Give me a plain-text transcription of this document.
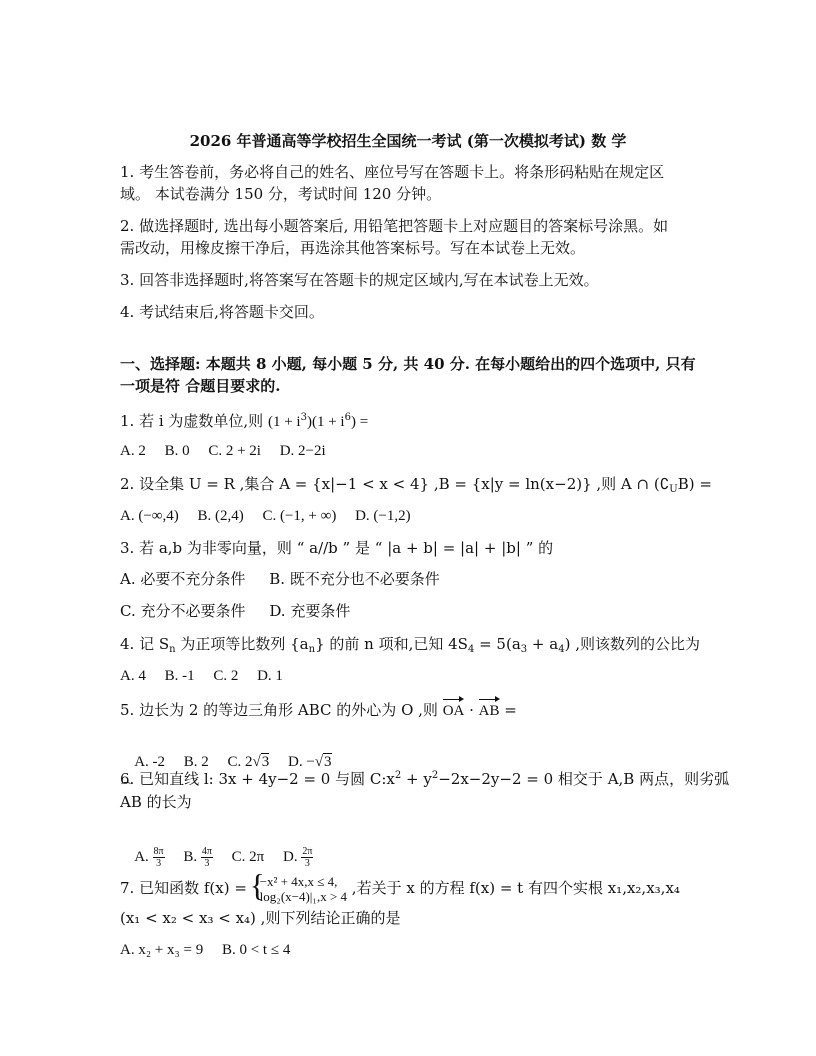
2026 年普通高等学校招生全国统一考试 (第一次模拟考试) 数 学
1. 考生答卷前，务必将自己的姓名、座位号写在答题卡上。将条形码粘贴在规定区
域。 本试卷满分 150 分，考试时间 120 分钟。
2. 做选择题时, 选出每小题答案后, 用铅笔把答题卡上对应题目的答案标号涂黑。如
需改动，用橡皮擦干净后，再选涂其他答案标号。写在本试卷上无效。
3. 回答非选择题时,将答案写在答题卡的规定区域内,写在本试卷上无效。
4. 考试结束后,将答题卡交回。
一、选择题: 本题共 8 小题, 每小题 5 分, 共 40 分. 在每小题给出的四个选项中, 只有
一项是符 合题目要求的.
1. 若 i 为虚数单位,则 $(1 + i^3)(1 + i^6)$ =
A. 2     B. 0     C. 2 + 2i     D. 2−2i
2. 设全集 U = R ,集合 A = {x|−1 < x < 4} ,B = {x|y = ln(x−2)} ,则 A ∩ $(∁_UB)$ =
A. (−∞,4)     B. (2,4)     C. (−1, + ∞)     D. (−1,2)
3. 若 a,b 为非零向量，则 “ a//b ” 是 “ |a + b| = |a| + |b| ” 的
A. 必要不充分条件     B. 既不充分也不必要条件
C. 充分不必要条件     D. 充要条件
4. 记 $S_n$ 为正项等比数列 $\{a_n\}$ 的前 n 项和,已知 $4S_4 = 5(a_3 + a_4)$ ,则该数列的公比为
A. 4     B. -1     C. 2     D. 1
5. 边长为 2 的等边三角形 ABC 的外心为 O ,则 OA · AB =

A. -2     B. 2     C. 2√3     D. −√3

6. 已知直线 l: 3x + 4y−2 = 0 与圆 $C:x^2 + y^2-2x-2y-2 = 0$ 相交于 A,B 两点，则劣弧
AB 的长为

A. $\frac{8\pi}{3} B$. $\frac{4\pi}{3} C$. 2π     D. $\frac{2\pi}{3}$

7. 已知函数 f(x) =
{ −x² + 4x,x ≤ 4,
log₂(x−4)|₁,x > 4 ,若关于 x 的方程 f(x) = t 有四个实根 x₁,x₂,x₃,x₄
(x₁ < x₂ < x₃ < x₄) ,则下列结论正确的是
A. x₂ + x₃ = 9     B. 0 < t ≤ 4
